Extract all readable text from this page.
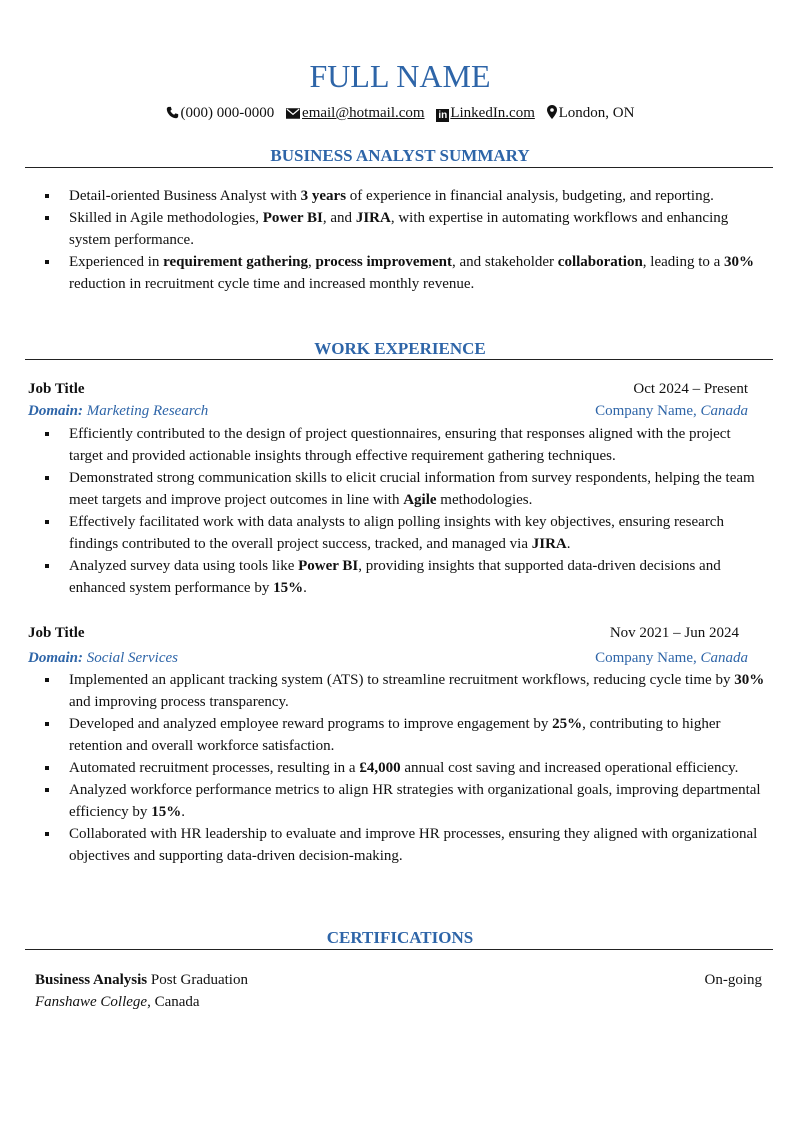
FULL NAME
(000) 000-0000 email@hotmail.com in LinkedIn.com London, ON
BUSINESS ANALYST SUMMARY
Detail-oriented Business Analyst with 3 years of experience in financial analysis, budgeting, and reporting.
Skilled in Agile methodologies, Power BI, and JIRA, with expertise in automating workflows and enhancing system performance.
Experienced in requirement gathering, process improvement, and stakeholder collaboration, leading to a 30% reduction in recruitment cycle time and increased monthly revenue.
WORK EXPERIENCE
Job Title	Oct 2024 – Present
Domain: Marketing Research	Company Name, Canada
Efficiently contributed to the design of project questionnaires, ensuring that responses aligned with the project target and provided actionable insights through effective requirement gathering techniques.
Demonstrated strong communication skills to elicit crucial information from survey respondents, helping the team meet targets and improve project outcomes in line with Agile methodologies.
Effectively facilitated work with data analysts to align polling insights with key objectives, ensuring research findings contributed to the overall project success, tracked, and managed via JIRA.
Analyzed survey data using tools like Power BI, providing insights that supported data-driven decisions and enhanced system performance by 15%.
Job Title	Nov 2021 – Jun 2024
Domain: Social Services	Company Name, Canada
Implemented an applicant tracking system (ATS) to streamline recruitment workflows, reducing cycle time by 30% and improving process transparency.
Developed and analyzed employee reward programs to improve engagement by 25%, contributing to higher retention and overall workforce satisfaction.
Automated recruitment processes, resulting in a £4,000 annual cost saving and increased operational efficiency.
Analyzed workforce performance metrics to align HR strategies with organizational goals, improving departmental efficiency by 15%.
Collaborated with HR leadership to evaluate and improve HR processes, ensuring they aligned with organizational objectives and supporting data-driven decision-making.
CERTIFICATIONS
Business Analysis Post Graduation	On-going
Fanshawe College, Canada
